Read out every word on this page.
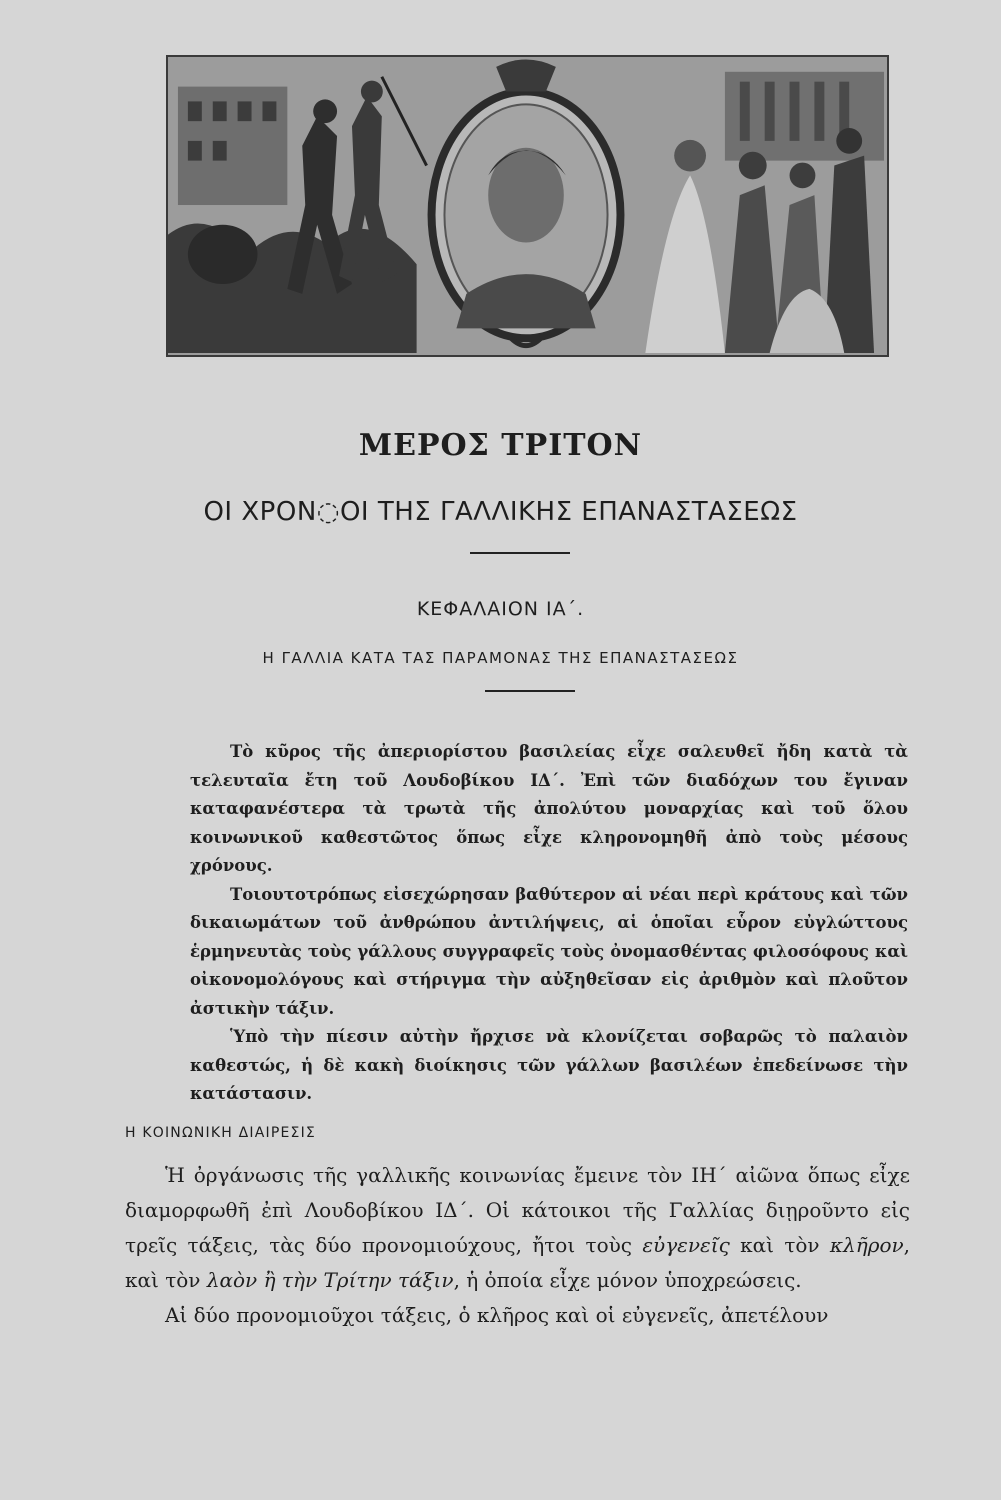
ΜΕΡΟΣ ΤΡΙΤΟΝ
ΟΙ ΧΡΟΝ◌ΟΙ ΤΗΣ ΓΑΛΛΙΚΗΣ ΕΠΑΝΑΣΤΑΣΕΩΣ
ΚΕΦΑΛΑΙΟΝ ΙΑ΄.
Η ΓΑΛΛΙΑ ΚΑΤΑ ΤΑΣ ΠΑΡΑΜΟΝΑΣ ΤΗΣ ΕΠΑΝΑΣΤΑΣΕΩΣ

Τὸ κῦρος τῆς ἀπεριορίστου βασιλείας εἶχε σαλευθεῖ ἤδη κατὰ τὰ τελευταῖα ἔτη τοῦ Λουδοβίκου ΙΔ΄. Ἐπὶ τῶν διαδόχων του ἔγιναν καταφανέστερα τὰ τρωτὰ τῆς ἀπολύτου μοναρχίας καὶ τοῦ ὅλου κοινωνικοῦ καθεστῶτος ὅπως εἶχε κληρονομηθῆ ἀπὸ τοὺς μέσους χρόνους.

Τοιουτοτρόπως εἰσεχώρησαν βαθύτερον αἱ νέαι περὶ κράτους καὶ τῶν δικαιωμάτων τοῦ ἀνθρώπου ἀντιλήψεις, αἱ ὁποῖαι εὗρον εὐγλώττους ἑρμηνευτὰς τοὺς γάλλους συγγραφεῖς τοὺς ὀνομασθέντας φιλοσόφους καὶ οἰκονομολόγους καὶ στήριγμα τὴν αὐξηθεῖσαν εἰς ἀριθμὸν καὶ πλοῦτον ἀστικὴν τάξιν.

Ὑπὸ τὴν πίεσιν αὐτὴν ἤρχισε νὰ κλονίζεται σοβαρῶς τὸ παλαιὸν καθεστώς, ἡ δὲ κακὴ διοίκησις τῶν γάλλων βασιλέων ἐπεδείνωσε τὴν κατάστασιν.

Η ΚΟΙΝΩΝΙΚΗ ΔΙΑΙΡΕΣΙΣ

Ἡ ὀργάνωσις τῆς γαλλικῆς κοινωνίας ἔμεινε τὸν ΙΗ΄ αἰῶνα ὅπως εἶχε διαμορφωθῆ ἐπὶ Λουδοβίκου ΙΔ΄. Οἱ κάτοικοι τῆς Γαλλίας διῃροῦντο εἰς τρεῖς τάξεις, τὰς δύο προνομιούχους, ἤτοι τοὺς εὐγενεῖς καὶ τὸν κλῆρον, καὶ τὸν λαὸν ἢ τὴν Τρίτην τάξιν, ἡ ὁποία εἶχε μόνον ὑποχρεώσεις.

Αἱ δύο προνομιοῦχοι τάξεις, ὁ κλῆρος καὶ οἱ εὐγενεῖς, ἀπετέλουν
